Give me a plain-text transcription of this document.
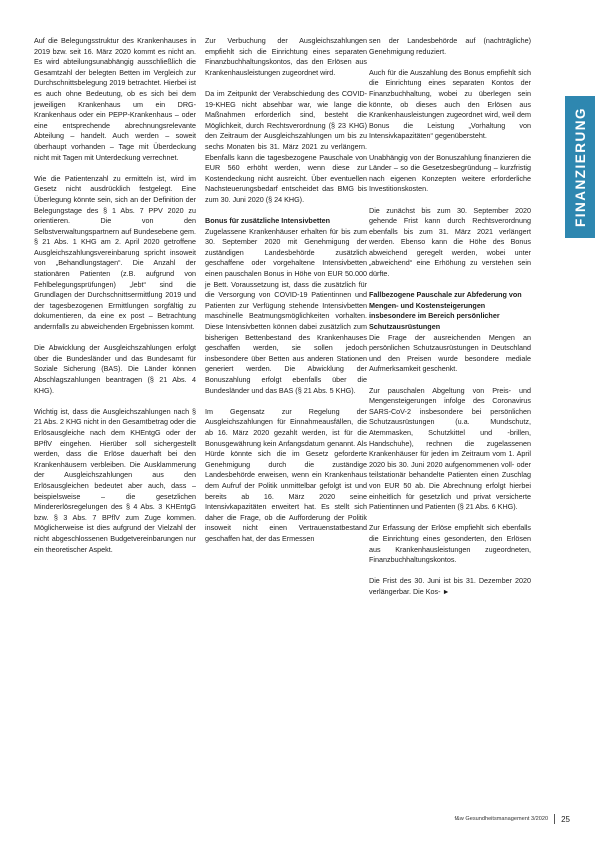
Auf die Belegungsstruktur des Krankenhauses in 2019 bzw. seit 16. März 2020 kommt es nicht an. Es wird abteilungsunabhängig ausschließlich die Gesamtzahl der belegten Betten im Vergleich zur Durchschnittsbelegung 2019 betrachtet. Hierbei ist es auch ohne Bedeutung, ob es sich bei dem jeweiligen Krankenhaus um ein DRG-Krankenhaus oder ein PEPP-Krankenhaus – oder eine entsprechende abrechnungsrelevante Abteilung – handelt. Auch werden – soweit überhaupt vorhanden – Tage mit Überdeckung nicht mit Tagen mit Unterdeckung verrechnet.

Wie die Patientenzahl zu ermitteln ist, wird im Gesetz nicht ausdrücklich festgelegt. Eine Überlegung könnte sein, sich an der Definition der Belegungstage des § 1 Abs. 7 PPV 2020 zu orientieren. Die von den Selbstverwaltungspartnern auf Bundesebene gem. § 21 Abs. 1 KHG am 2. April 2020 getroffene Ausgleichszahlungsvereinbarung spricht insoweit von „Behandlungstagen“. Die Anzahl der stationären Patienten (z.B. aufgrund von Fehlbelegungsprüfungen) „lebt“ sind die Grundlagen der Durchschnittsermittlung 2019 und der tagesbezogenen Ermittlungen sorgfältig zu dokumentieren, da eine ex post – Betrachtung andernfalls zu abweichenden Ergebnissen kommt.

Die Abwicklung der Ausgleichszahlungen erfolgt über die Bundesländer und das Bundesamt für Soziale Sicherung (BAS). Die Länder können Abschlagszahlungen beantragen (§ 21 Abs. 4 KHG).

Wichtig ist, dass die Ausgleichszahlungen nach § 21 Abs. 2 KHG nicht in den Gesamtbetrag oder die Erlösausgleiche nach dem KHEntgG oder der BPflV eingehen. Hierüber soll sichergestellt werden, dass die Erlöse dauerhaft bei den Krankenhäusern verbleiben. Die Ausklammerung der Ausgleichszahlungen aus den Erlösausgleichen bedeutet aber auch, dass – beispielsweise – die gesetzlichen Mindererlösregelungen des § 4 Abs. 3 KHEntgG bzw. § 3 Abs. 7 BPflV zum Zuge kommen. Möglicherweise ist dies aufgrund der Vielzahl der nicht abgeschlossenen Budgetvereinbarungen nur ein theoretischer Aspekt.

Zur Verbuchung der Ausgleichszahlungen empfiehlt sich die Einrichtung eines separaten Finanzbuchhaltungskontos, das den Erlösen aus Krankenhausleistungen zugeordnet wird.

Da im Zeitpunkt der Verabschiedung des COVID-19-KHEG nicht absehbar war, wie lange die Maßnahmen erforderlich sind, besteht die Möglichkeit, durch Rechtsverordnung (§ 23 KHG) den Zeitraum der Ausgleichszahlungen um bis zu sechs Monaten bis 31. März 2021 zu verlängern. Ebenfalls kann die tagesbezogene Pauschale von EUR 560 erhöht werden, wenn diese zur Kostendeckung nicht ausreicht. Über eventuellen Nachsteuerungsbedarf entscheidet das BMG bis zum 30. Juni 2020 (§ 24 KHG).

Bonus für zusätzliche Intensivbetten

Zugelassene Krankenhäuser erhalten für bis zum 30. September 2020 mit Genehmigung der zuständigen Landesbehörde zusätzlich geschaffene oder vorgehaltene Intensivbetten einen pauschalen Bonus in Höhe von EUR 50.000 je Bett. Voraussetzung ist, dass die zusätzlich für die Versorgung von COVID-19 Patientinnen und Patienten zur Verfügung stehende Intensivbetten maschinelle Beatmungsmöglichkeiten vorhalten. Diese Intensivbetten können dabei zusätzlich zum bisherigen Bettenbestand des Krankenhauses geschaffen werden, sie sollen jedoch insbesondere über Betten aus anderen Stationen generiert werden. Die Abwicklung der Bonuszahlung erfolgt ebenfalls über die Bundesländer und das BAS (§ 21 Abs. 5 KHG).

Im Gegensatz zur Regelung der Ausgleichszahlungen für Einnahmeausfällen, die ab 16. März 2020 gezahlt werden, ist für die Bonusgewährung kein Anfangsdatum genannt. Als Hürde könnte sich die im Gesetz geforderte Genehmigung durch die zuständige Landesbehörde erweisen, wenn ein Krankenhaus dem Aufruf der Politik unmittelbar gefolgt ist und bereits ab 16. März 2020 seine Intensivkapazitäten erweitert hat. Es stellt sich daher die Frage, ob die Aufforderung der Politik insoweit nicht einen Vertrauenstatbestand geschaffen hat, der das Ermessen

sen der Landesbehörde auf (nachträgliche) Genehmigung reduziert.

Auch für die Auszahlung des Bonus empfiehlt sich die Einrichtung eines separaten Kontos der Finanzbuchhaltung, wobei zu überlegen sein könnte, ob dieses auch den Erlösen aus Krankenhausleistungen zugeordnet wird, weil dem Bonus die Leistung „Vorhaltung von Intensivkapazitäten“ gegenübersteht.

Unabhängig von der Bonuszahlung finanzieren die Länder – so die Gesetzesbegründung – kurzfristig nach eigenen Konzepten weitere erforderliche Investitionskosten.

Die zunächst bis zum 30. September 2020 gehende Frist kann durch Rechtsverordnung ebenfalls bis zum 31. März 2021 verlängert werden. Ebenso kann die Höhe des Bonus abweichend geregelt werden, wobei unter „abweichend“ eine Erhöhung zu verstehen sein dürfte.

Fallbezogene Pauschale zur Abfederung von Mengen- und Kostensteigerungen insbesondere im Bereich persönlicher Schutzausrüstungen

Die Frage der ausreichenden Mengen an persönlichen Schutzausrüstungen in Deutschland und den Preisen wurde besondere mediale Aufmerksamkeit geschenkt.

Zur pauschalen Abgeltung von Preis- und Mengensteigerungen infolge des Coronavirus SARS-CoV-2 insbesondere bei persönlichen Schutzausrüstungen (u.a. Mundschutz, Atemmasken, Schutzkittel und -brillen, Handschuhe), rechnen die zugelassenen Krankenhäuser für jeden im Zeitraum vom 1. April 2020 bis 30. Juni 2020 aufgenommenen voll- oder teilstationär behandelte Patienten einen Zuschlag von EUR 50 ab. Die Abrechnung erfolgt hierbei einheitlich für gesetzlich und privat versicherte Patientinnen und Patienten (§ 21 Abs. 6 KHG).

Zur Erfassung der Erlöse empfiehlt sich ebenfalls die Einrichtung eines gesonderten, den Erlösen aus Krankenhausleistungen zugeordneten, Finanzbuchhaltungskontos.

Die Frist des 30. Juni ist bis 31. Dezember 2020 verlängerbar. Die Kos- ►

FINANZIERUNG
f&w Gesundheitsmanagement 3/2020 25
